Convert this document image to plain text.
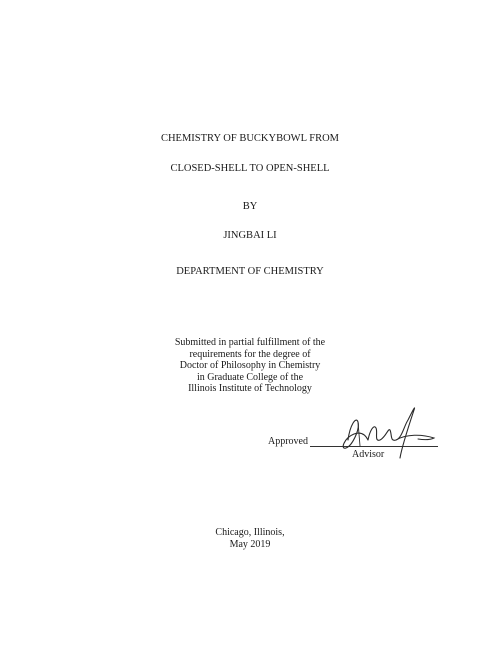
CHEMISTRY OF BUCKYBOWL FROM
CLOSED-SHELL TO OPEN-SHELL
BY
JINGBAI LI
DEPARTMENT OF CHEMISTRY
Submitted in partial fulfillment of the
requirements for the degree of
Doctor of Philosophy in Chemistry
in Graduate College of the
Illinois Institute of Technology
Approved
Advisor
Chicago, Illinois,
May 2019
